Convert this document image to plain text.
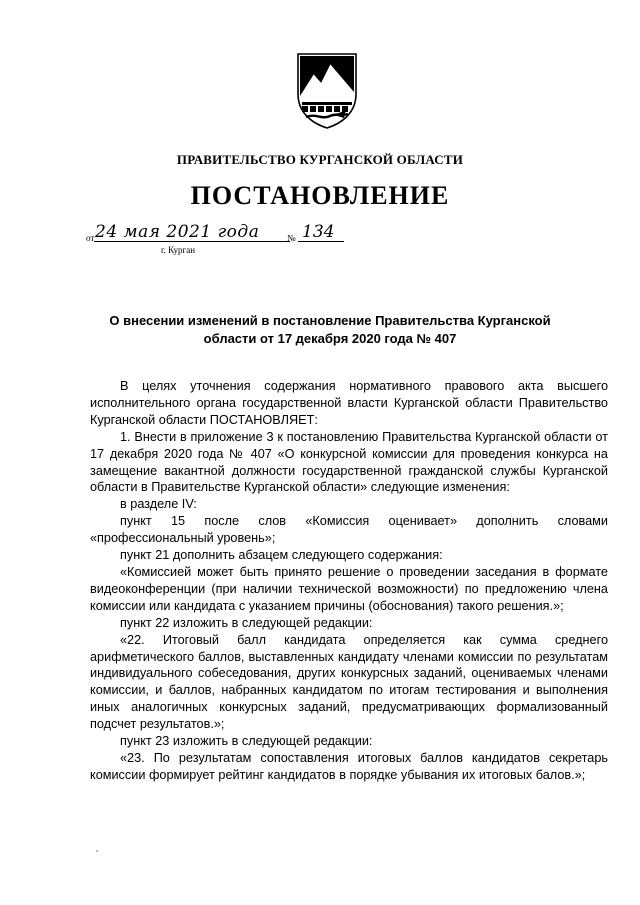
ПРАВИТЕЛЬСТВО КУРГАНСКОЙ ОБЛАСТИ
ПОСТАНОВЛЕНИЕ
от 24 мая 2021 года	№ 134
г. Курган
О внесении изменений в постановление Правительства Курганской области от 17 декабря 2020 года № 407

В целях уточнения содержания нормативного правового акта высшего исполнительного органа государственной власти Курганской области Правительство Курганской области ПОСТАНОВЛЯЕТ:

1. Внести в приложение 3 к постановлению Правительства Курганской области от 17 декабря 2020 года № 407 «О конкурсной комиссии для проведения конкурса на замещение вакантной должности государственной гражданской службы Курганской области в Правительстве Курганской области» следующие изменения:

в разделе IV:

пункт 15 после слов «Комиссия оценивает» дополнить словами «профессиональный уровень»;

пункт 21 дополнить абзацем следующего содержания:

«Комиссией может быть принято решение о проведении заседания в формате видеоконференции (при наличии технической возможности) по предложению члена комиссии или кандидата с указанием причины (обоснования) такого решения.»;

пункт 22 изложить в следующей редакции:

«22. Итоговый балл кандидата определяется как сумма среднего арифметического баллов, выставленных кандидату членами комиссии по результатам индивидуального собеседования, других конкурсных заданий, оцениваемых членами комиссии, и баллов, набранных кандидатом по итогам тестирования и выполнения иных аналогичных конкурсных заданий, предусматривающих формализованный подсчет результатов.»;

пункт 23 изложить в следующей редакции:

«23. По результатам сопоставления итоговых баллов кандидатов секретарь комиссии формирует рейтинг кандидатов в порядке убывания их итоговых балов.»;
